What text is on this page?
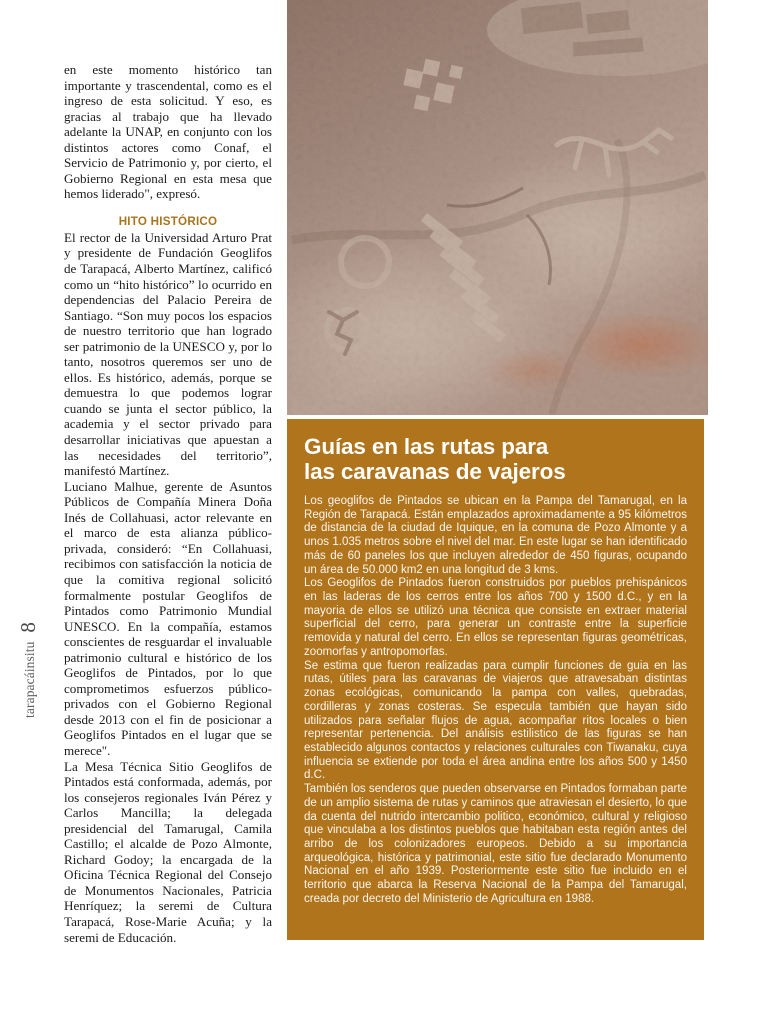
tarapacáinsitu
8

en este momento histórico tan importante y trascendental, como es el ingreso de esta solicitud. Y eso, es gracias al trabajo que ha llevado adelante la UNAP, en conjunto con los distintos actores como Conaf, el Servicio de Patrimonio y, por cierto, el Gobierno Regional en esta mesa que hemos liderado", expresó.

HITO HISTÓRICO

El rector de la Universidad Arturo Prat y presidente de Fundación Geoglifos de Tarapacá, Alberto Martínez, calificó como un “hito histórico” lo ocurrido en dependencias del Palacio Pereira de Santiago. “Son muy pocos los espacios de nuestro territorio que han logrado ser patrimonio de la UNESCO y, por lo tanto, nosotros queremos ser uno de ellos. Es histórico, además, porque se demuestra lo que podemos lograr cuando se junta el sector público, la academia y el sector privado para desarrollar iniciativas que apuestan a las necesidades del territorio”, manifestó Martínez.

Luciano Malhue, gerente de Asuntos Públicos de Compañía Minera Doña Inés de Collahuasi, actor relevante en el marco de esta alianza público-privada, consideró: “En Collahuasi, recibimos con satisfacción la noticia de que la comitiva regional solicitó formalmente postular Geoglifos de Pintados como Patrimonio Mundial UNESCO. En la compañía, estamos conscientes de resguardar el invaluable patrimonio cultural e histórico de los Geoglifos de Pintados, por lo que comprometimos esfuerzos público-privados con el Gobierno Regional desde 2013 con el fin de posicionar a Geoglifos Pintados en el lugar que se merece".

La Mesa Técnica Sitio Geoglifos de Pintados está conformada, además, por los consejeros regionales Iván Pérez y Carlos Mancilla; la delegada presidencial del Tamarugal, Camila Castillo; el alcalde de Pozo Almonte, Richard Godoy; la encargada de la Oficina Técnica Regional del Consejo de Monumentos Nacionales, Patricia Henríquez; la seremi de Cultura Tarapacá, Rose-Marie Acuña; y la seremi de Educación.

Guías en las rutas para
las caravanas de vajeros

Los geoglifos de Pintados se ubican en la Pampa del Tamarugal, en la Región de Tarapacá. Están emplazados aproximadamente a 95 kilómetros de distancia de la ciudad de Iquique, en la comuna de Pozo Almonte y a unos 1.035 metros sobre el nivel del mar. En este lugar se han identificado más de 60 paneles los que incluyen alrededor de 450 figuras, ocupando un área de 50.000 km2 en una longitud de 3 kms.

Los Geoglifos de Pintados fueron construidos por pueblos prehispánicos en las laderas de los cerros entre los años 700 y 1500 d.C., y en la mayoria de ellos se utilizó una técnica que consiste en extraer material superficial del cerro, para generar un contraste entre la superficie removida y natural del cerro. En ellos se representan figuras geométricas, zoomorfas y antropomorfas.

Se estima que fueron realizadas para cumplir funciones de guia en las rutas, útiles para las caravanas de viajeros que atravesaban distintas zonas ecológicas, comunicando la pampa con valles, quebradas, cordilleras y zonas costeras. Se especula también que hayan sido utilizados para señalar flujos de agua, acompañar ritos locales o bien representar pertenencia. Del análisis estilistico de las figuras se han establecido algunos contactos y relaciones culturales con Tiwanaku, cuya influencia se extiende por toda el área andina entre los años 500 y 1450 d.C.

También los senderos que pueden observarse en Pintados formaban parte de un amplio sistema de rutas y caminos que atraviesan el desierto, lo que da cuenta del nutrido intercambio politico, económico, cultural y religioso que vinculaba a los distintos pueblos que habitaban esta región antes del arribo de los colonizadores europeos. Debido a su importancia arqueológica, histórica y patrimonial, este sitio fue declarado Monumento Nacional en el año 1939. Posteriormente este sitio fue incluido en el territorio que abarca la Reserva Nacional de la Pampa del Tamarugal, creada por decreto del Ministerio de Agricultura en 1988.
